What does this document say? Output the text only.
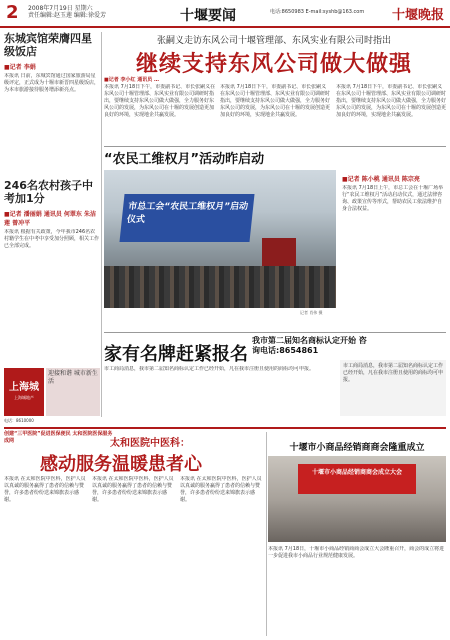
2 2008年7月19日 星期六
责任编辑:赵玉莲 编辑:徐爱芳	十堰要闻	电话:8650983 E-mail:syshb@163.com	十堰晚报
东城宾馆荣膺四星级饭店
■记者 李娟
本报讯 日前，东城宾馆通过国家旅游局星级评定，正式成为十堰市新晋四星级饭店，为本市旅游接待服务增添新亮点。
246名农村孩子中考加1分
■记者 潘丽娟 通讯员 何翠东 朱洁莲 曾冲平
本报讯 根据有关政策，今年我市246名农村籍学生在中考中享受加分照顾，相关工作已全部完成。
张嗣义走访东风公司十堰管理部、东风实业有限公司时指出
继续支持东风公司做大做强
■记者 李小红 通讯员 …
本报讯 7月18日下午，市委副书记、市长张嗣义在东风公司十堰管理部、东风实业有限公司调研时指出，要继续支持东风公司做大做强，全力服务好东风公司的发展，为东风公司在十堰的发展创造更加良好的环境，实现地企共赢发展。
本报讯 7月18日下午，市委副书记、市长张嗣义在东风公司十堰管理部、东风实业有限公司调研时指出，要继续支持东风公司做大做强，全力服务好东风公司的发展，为东风公司在十堰的发展创造更加良好的环境，实现地企共赢发展。
本报讯 7月18日下午，市委副书记、市长张嗣义在东风公司十堰管理部、东风实业有限公司调研时指出，要继续支持东风公司做大做强，全力服务好东风公司的发展，为东风公司在十堰的发展创造更加良好的环境，实现地企共赢发展。
“农民工维权月”活动昨启动
市总工会“农民工维权月”启动仪式
记者 肖伟 摄
■记者 陈小桃 通讯员 陈宗亮
本报讯 7月18日上午，市总工会在十堰广场举行“农民工维权月”活动启动仪式，通过法律咨询、政策宣传等形式，帮助农民工依法维护自身合法权益。
家有名牌赶紧报名
我市第二届知名商标认定开始 咨询电话:8654861
市工商局消息，我市第二届知名商标认定工作已经开始，凡在我市注册且使用的商标均可申报。	市工商局消息，我市第二届知名商标认定工作已经开始，凡在我市注册且使用的商标均可申报。
上海城
上海城地产
迎接和谐 城市新生活
电话：8610000
创建“三甲医院”促进医保便民 太和医院医保服务成网	太和医院中医科：
感动服务温暖患者心
本报讯 在太和医院中医科，医护人员以真诚的服务赢得了患者的信赖与赞誉，许多患者纷纷送来锦旗表示感谢。
本报讯 在太和医院中医科，医护人员以真诚的服务赢得了患者的信赖与赞誉，许多患者纷纷送来锦旗表示感谢。
本报讯 在太和医院中医科，医护人员以真诚的服务赢得了患者的信赖与赞誉，许多患者纷纷送来锦旗表示感谢。
十堰市小商品经销商商会隆重成立
十堰市小商品经销商商会成立大会
本报讯 7月18日，十堰市小商品经销商商会成立大会隆重召开，商会的成立将进一步促进我市小商品行业规范健康发展。
